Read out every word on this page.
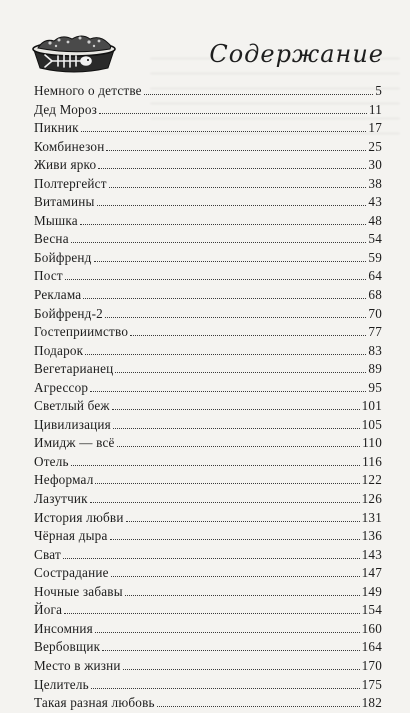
Содержание
Немного о детстве	5
Дед Мороз	11
Пикник	17
Комбинезон	25
Живи ярко	30
Полтергейст	38
Витамины	43
Мышка	48
Весна	54
Бойфренд	59
Пост	64
Реклама	68
Бойфренд-2	70
Гостеприимство	77
Подарок	83
Вегетарианец	89
Агрессор	95
Светлый беж	101
Цивилизация	105
Имидж — всё	110
Отель	116
Неформал	122
Лазутчик	126
История любви	131
Чёрная дыра	136
Сват	143
Сострадание	147
Ночные забавы	149
Йога	154
Инсомния	160
Вербовщик	164
Место в жизни	170
Целитель	175
Такая разная любовь	182
